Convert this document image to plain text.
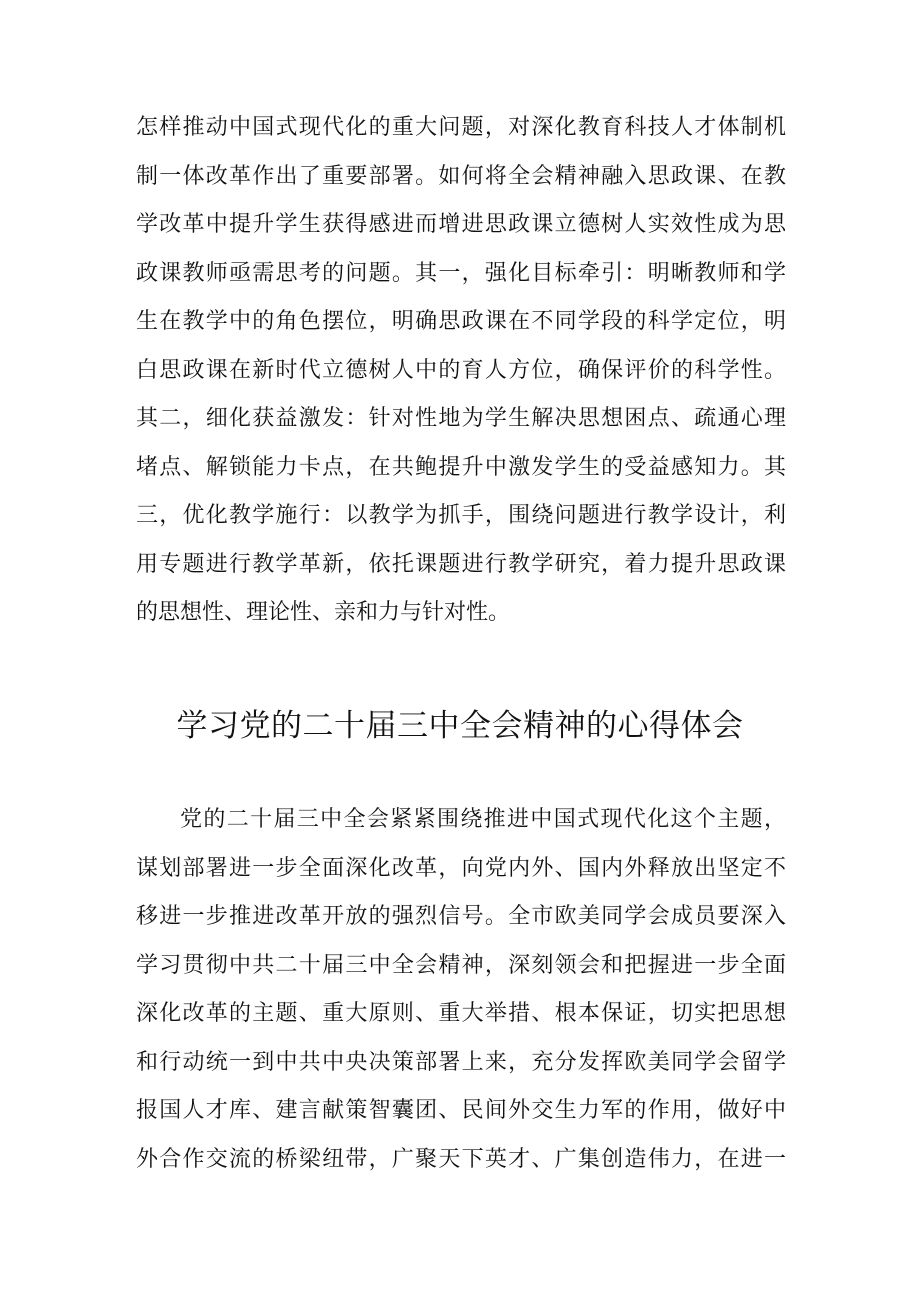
怎样推动中国式现代化的重大问题，对深化教育科技人才体制机
制一体改革作出了重要部署。如何将全会精神融入思政课、在教
学改革中提升学生获得感进而增进思政课立德树人实效性成为思
政课教师亟需思考的问题。其一，强化目标牵引：明晰教师和学
生在教学中的角色摆位，明确思政课在不同学段的科学定位，明
白思政课在新时代立德树人中的育人方位，确保评价的科学性。
其二，细化获益激发：针对性地为学生解决思想困点、疏通心理
堵点、解锁能力卡点，在共鲍提升中激发学生的受益感知力。其
三，优化教学施行：以教学为抓手，围绕问题进行教学设计，利
用专题进行教学革新，依托课题进行教学研究，着力提升思政课
的思想性、理论性、亲和力与针对性。
学习党的二十届三中全会精神的心得体会
党的二十届三中全会紧紧围绕推进中国式现代化这个主题，
谋划部署进一步全面深化改革，向党内外、国内外释放出坚定不
移进一步推进改革开放的强烈信号。全市欧美同学会成员要深入
学习贯彻中共二十届三中全会精神，深刻领会和把握进一步全面
深化改革的主题、重大原则、重大举措、根本保证，切实把思想
和行动统一到中共中央决策部署上来，充分发挥欧美同学会留学
报国人才库、建言献策智囊团、民间外交生力军的作用，做好中
外合作交流的桥梁纽带，广聚天下英才、广集创造伟力，在进一
